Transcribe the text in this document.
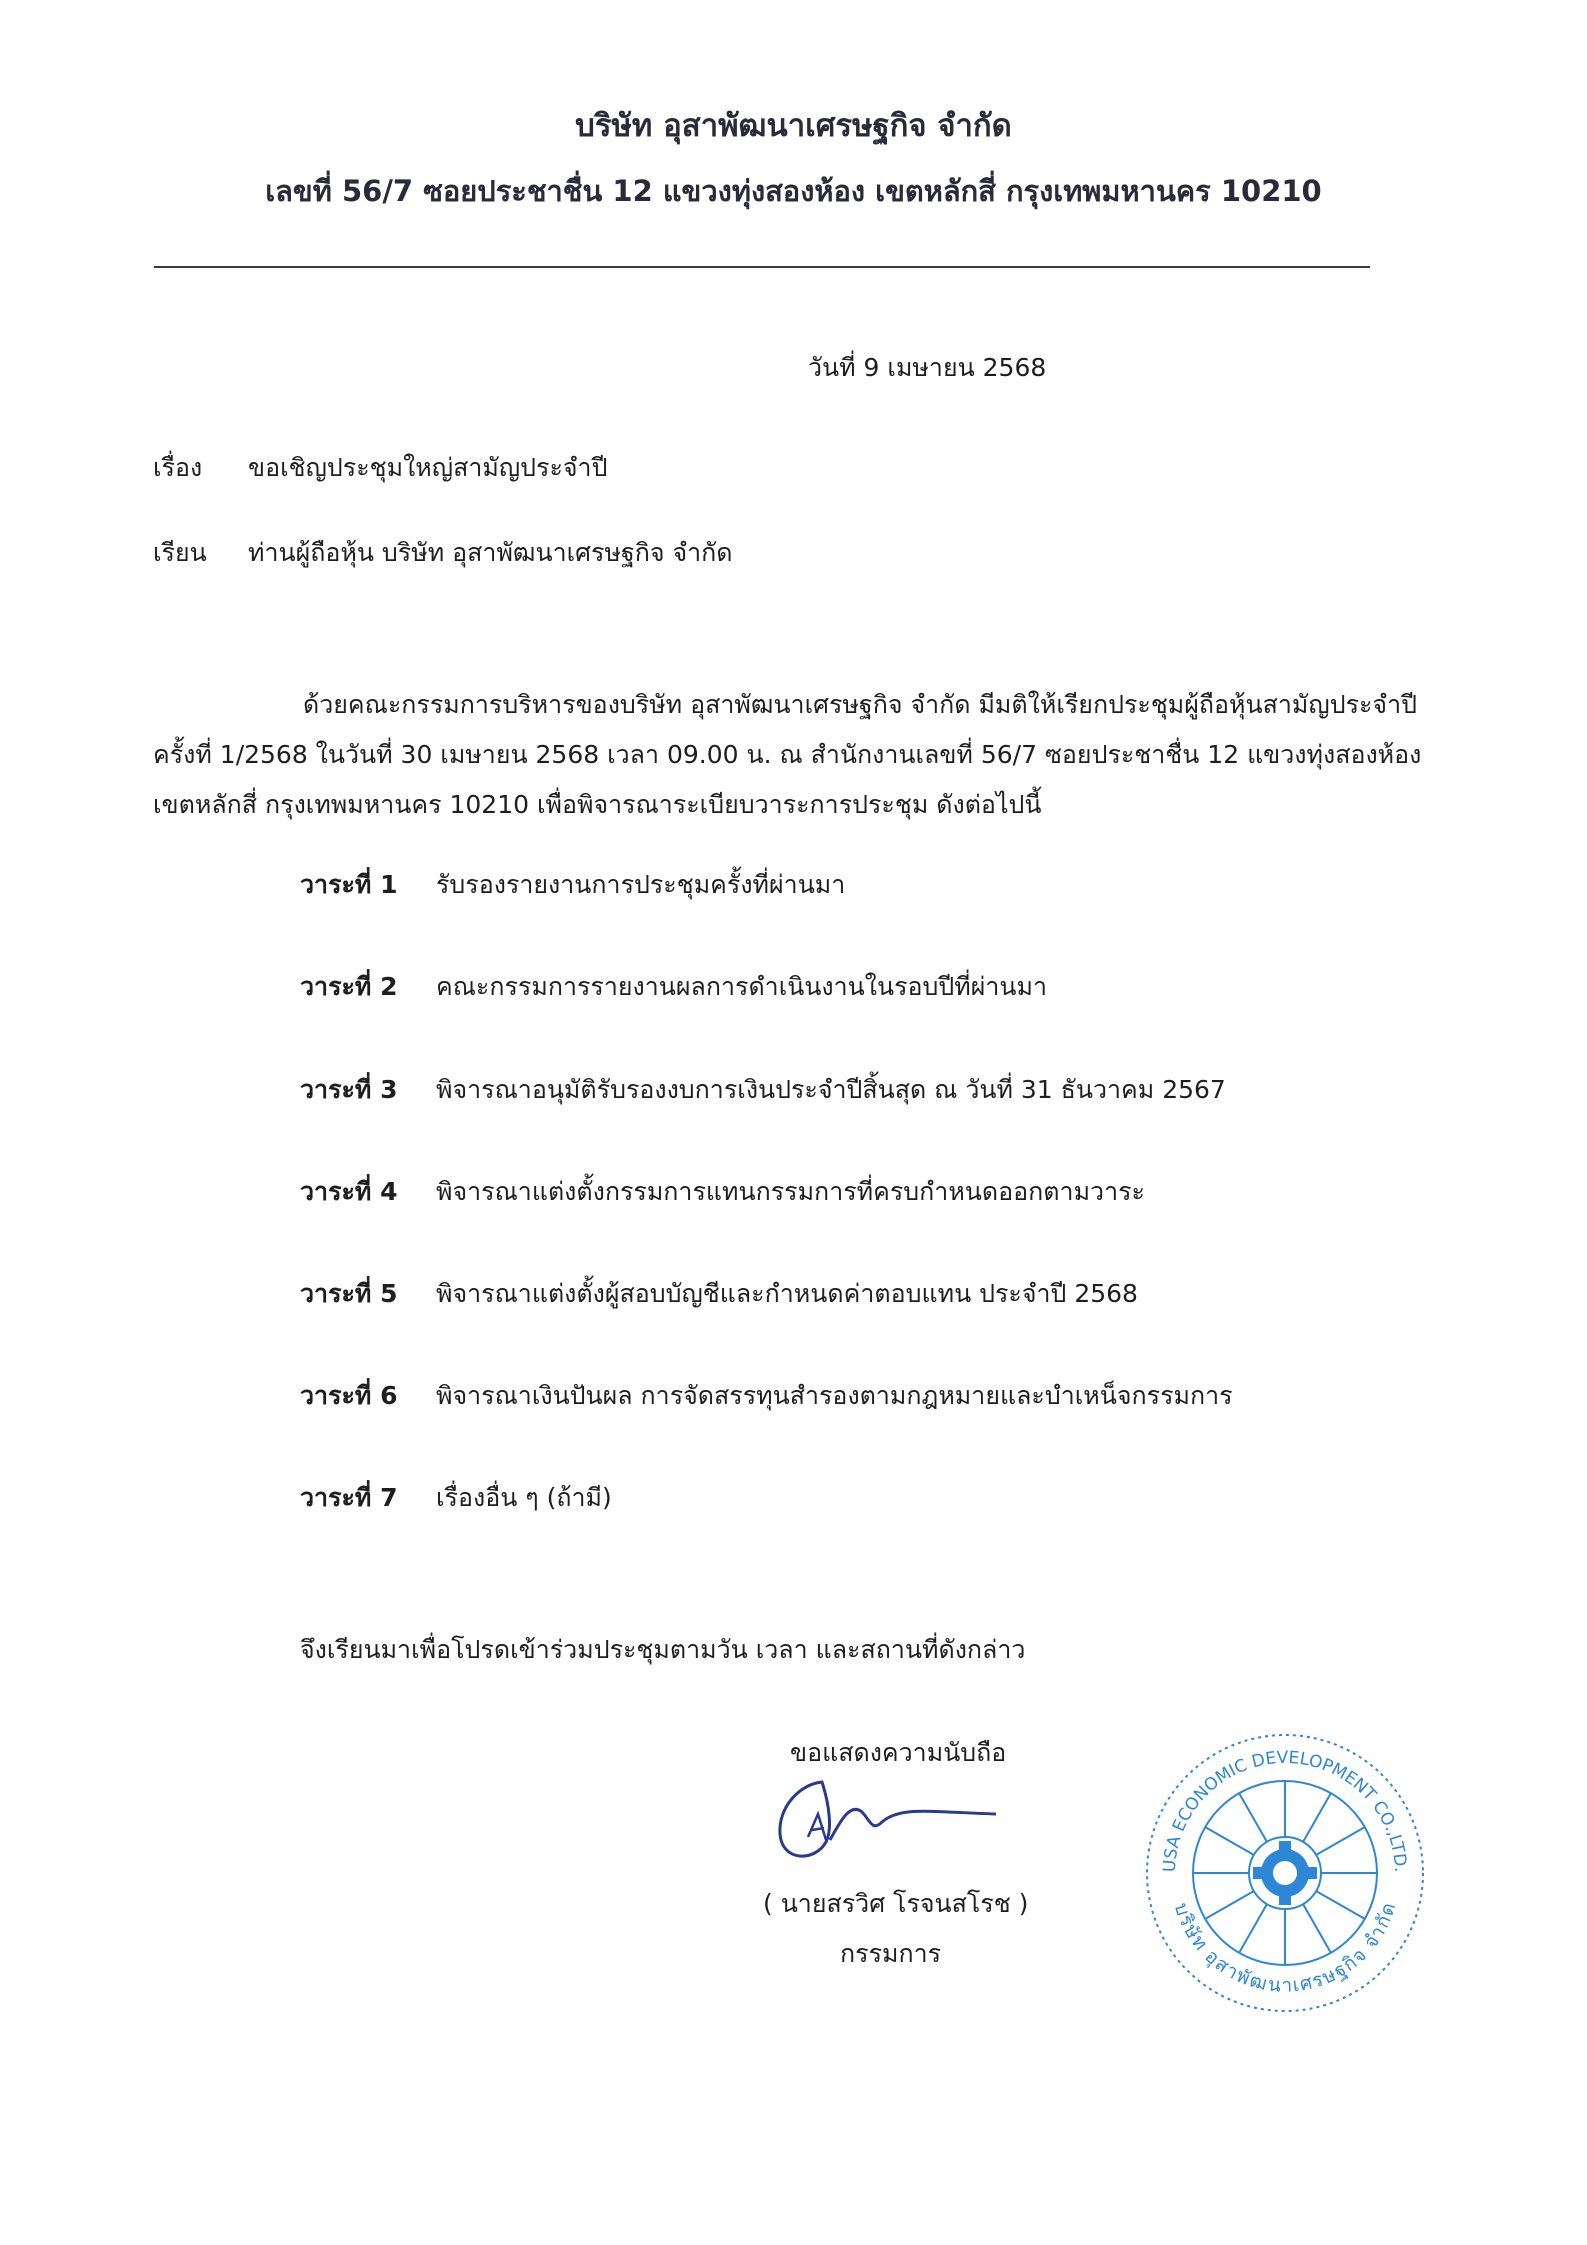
บริษัท อุสาพัฒนาเศรษฐกิจ จำกัด
เลขที่ 56/7 ซอยประชาชื่น 12 แขวงทุ่งสองห้อง เขตหลักสี่ กรุงเทพมหานคร 10210
วันที่ 9 เมษายน 2568
เรื่อง ขอเชิญประชุมใหญ่สามัญประจำปี
เรียน ท่านผู้ถือหุ้น บริษัท อุสาพัฒนาเศรษฐกิจ จำกัด
ด้วยคณะกรรมการบริหารของบริษัท อุสาพัฒนาเศรษฐกิจ จำกัด มีมติให้เรียกประชุมผู้ถือหุ้นสามัญประจำปี
ครั้งที่ 1/2568 ในวันที่ 30 เมษายน 2568 เวลา 09.00 น. ณ สำนักงานเลขที่ 56/7 ซอยประชาชื่น 12 แขวงทุ่งสองห้อง
เขตหลักสี่ กรุงเทพมหานคร 10210 เพื่อพิจารณาระเบียบวาระการประชุม ดังต่อไปนี้
วาระที่ 1 รับรองรายงานการประชุมครั้งที่ผ่านมา
วาระที่ 2 คณะกรรมการรายงานผลการดำเนินงานในรอบปีที่ผ่านมา
วาระที่ 3 พิจารณาอนุมัติรับรองงบการเงินประจำปีสิ้นสุด ณ วันที่ 31 ธันวาคม 2567
วาระที่ 4 พิจารณาแต่งตั้งกรรมการแทนกรรมการที่ครบกำหนดออกตามวาระ
วาระที่ 5 พิจารณาแต่งตั้งผู้สอบบัญชีและกำหนดค่าตอบแทน ประจำปี 2568
วาระที่ 6 พิจารณาเงินปันผล การจัดสรรทุนสำรองตามกฎหมายและบำเหน็จกรรมการ
วาระที่ 7 เรื่องอื่น ๆ (ถ้ามี)
จึงเรียนมาเพื่อโปรดเข้าร่วมประชุมตามวัน เวลา และสถานที่ดังกล่าว
ขอแสดงความนับถือ
( นายสรวิศ โรจนสโรช )
กรรมการ
USA ECONOMIC DEVELOPMENT CO.,LTD.
บริษัท อุสาพัฒนาเศรษฐกิจ จำกัด
